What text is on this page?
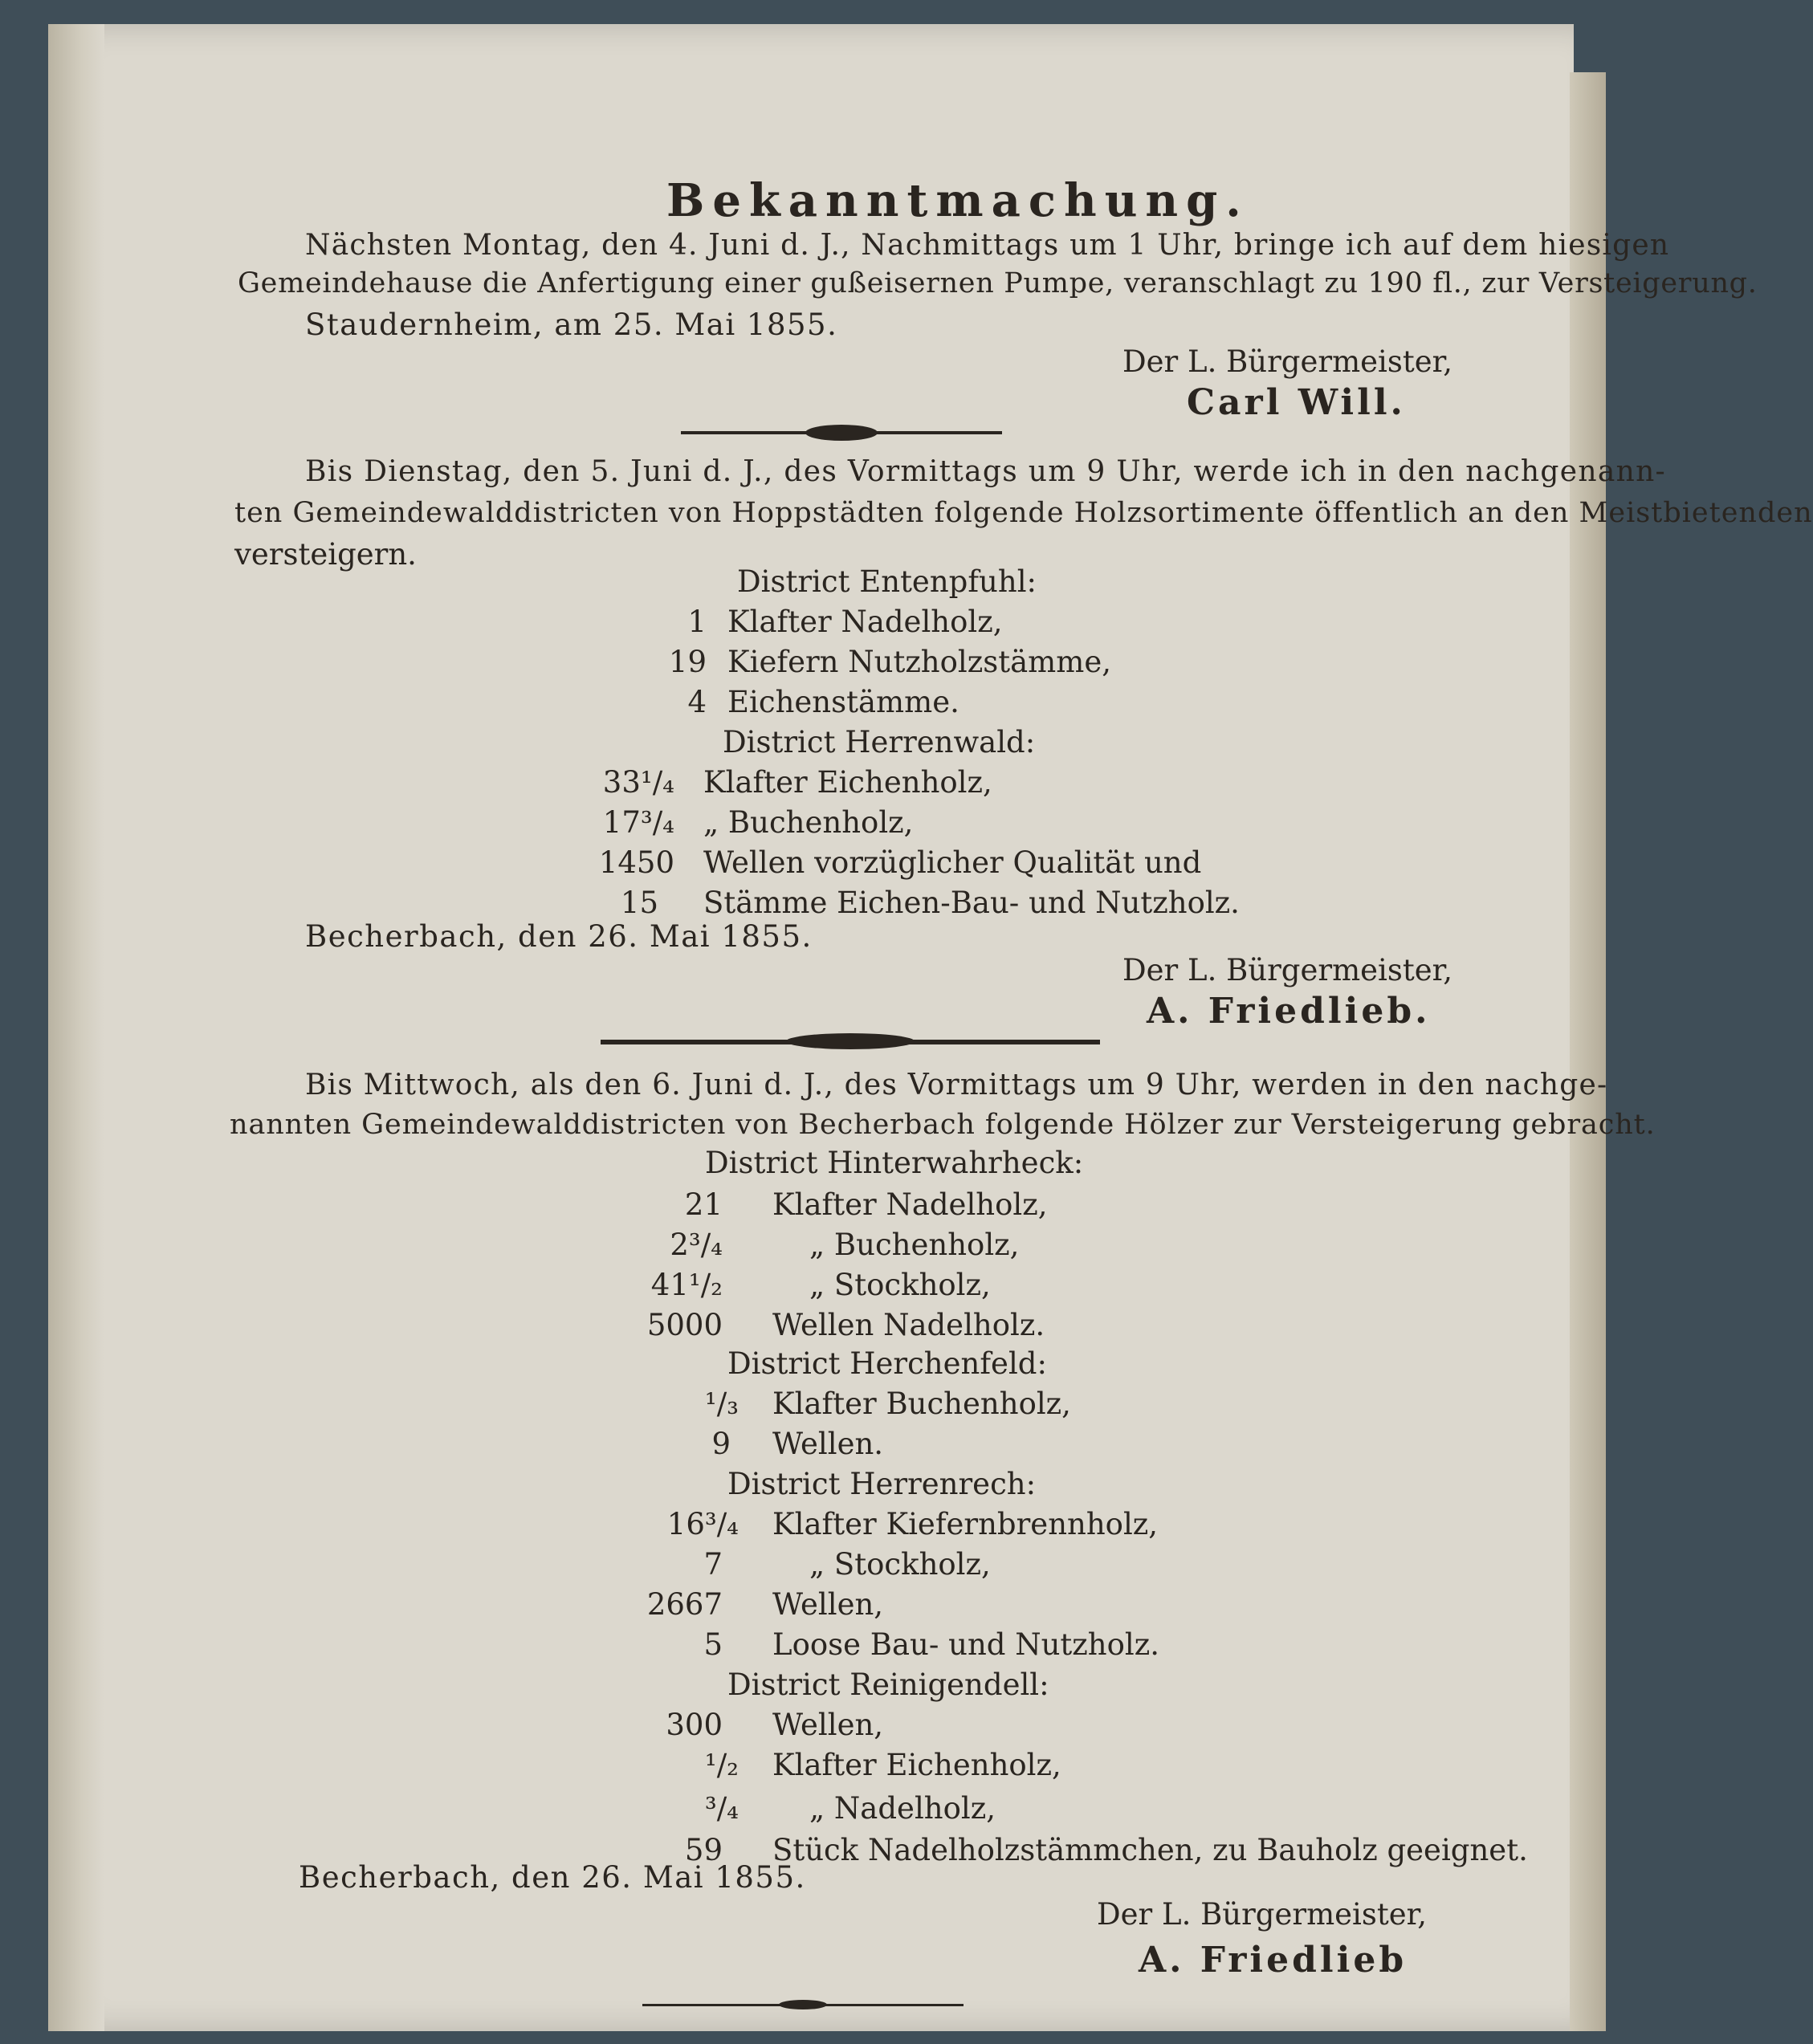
Bekanntmachung.
Nächsten Montag, den 4. Juni d. J., Nachmittags um 1 Uhr, bringe ich auf dem hiesigen
Gemeindehause die Anfertigung einer gußeisernen Pumpe, veranschlagt zu 190 fl., zur Versteigerung.
Staudernheim, am 25. Mai 1855.
Der L. Bürgermeister,
Carl Will.
Bis Dienstag, den 5. Juni d. J., des Vormittags um 9 Uhr, werde ich in den nachgenann-
ten Gemeindewalddistricten von Hoppstädten folgende Holzsortimente öffentlich an den Meistbietenden
versteigern.
District Entenpfuhl:
1 Klafter Nadelholz,
19 Kiefern Nutzholzstämme,
4 Eichenstämme.
District Herrenwald:
33¹/₄ Klafter Eichenholz,
17³/₄ „ Buchenholz,
1450 Wellen vorzüglicher Qualität und
15 Stämme Eichen-Bau- und Nutzholz.
Becherbach, den 26. Mai 1855.
Der L. Bürgermeister,
A. Friedlieb.
Bis Mittwoch, als den 6. Juni d. J., des Vormittags um 9 Uhr, werden in den nachge-
nannten Gemeindewalddistricten von Becherbach folgende Hölzer zur Versteigerung gebracht.
District Hinterwahrheck:
21 Klafter Nadelholz,
2³/₄	„ Buchenholz,
41¹/₂	„ Stockholz,
5000 Wellen Nadelholz.
District Herchenfeld:
¹/₃ Klafter Buchenholz,
9 Wellen.
District Herrenrech:
16³/₄ Klafter Kiefernbrennholz,
7	„ Stockholz,
2667 Wellen,
5 Loose Bau- und Nutzholz.
District Reinigendell:
300 Wellen,
¹/₂ Klafter Eichenholz,
³/₄ „ Nadelholz,
59 Stück Nadelholzstämmchen, zu Bauholz geeignet.
Becherbach, den 26. Mai 1855.
Der L. Bürgermeister,
A. Friedlieb
